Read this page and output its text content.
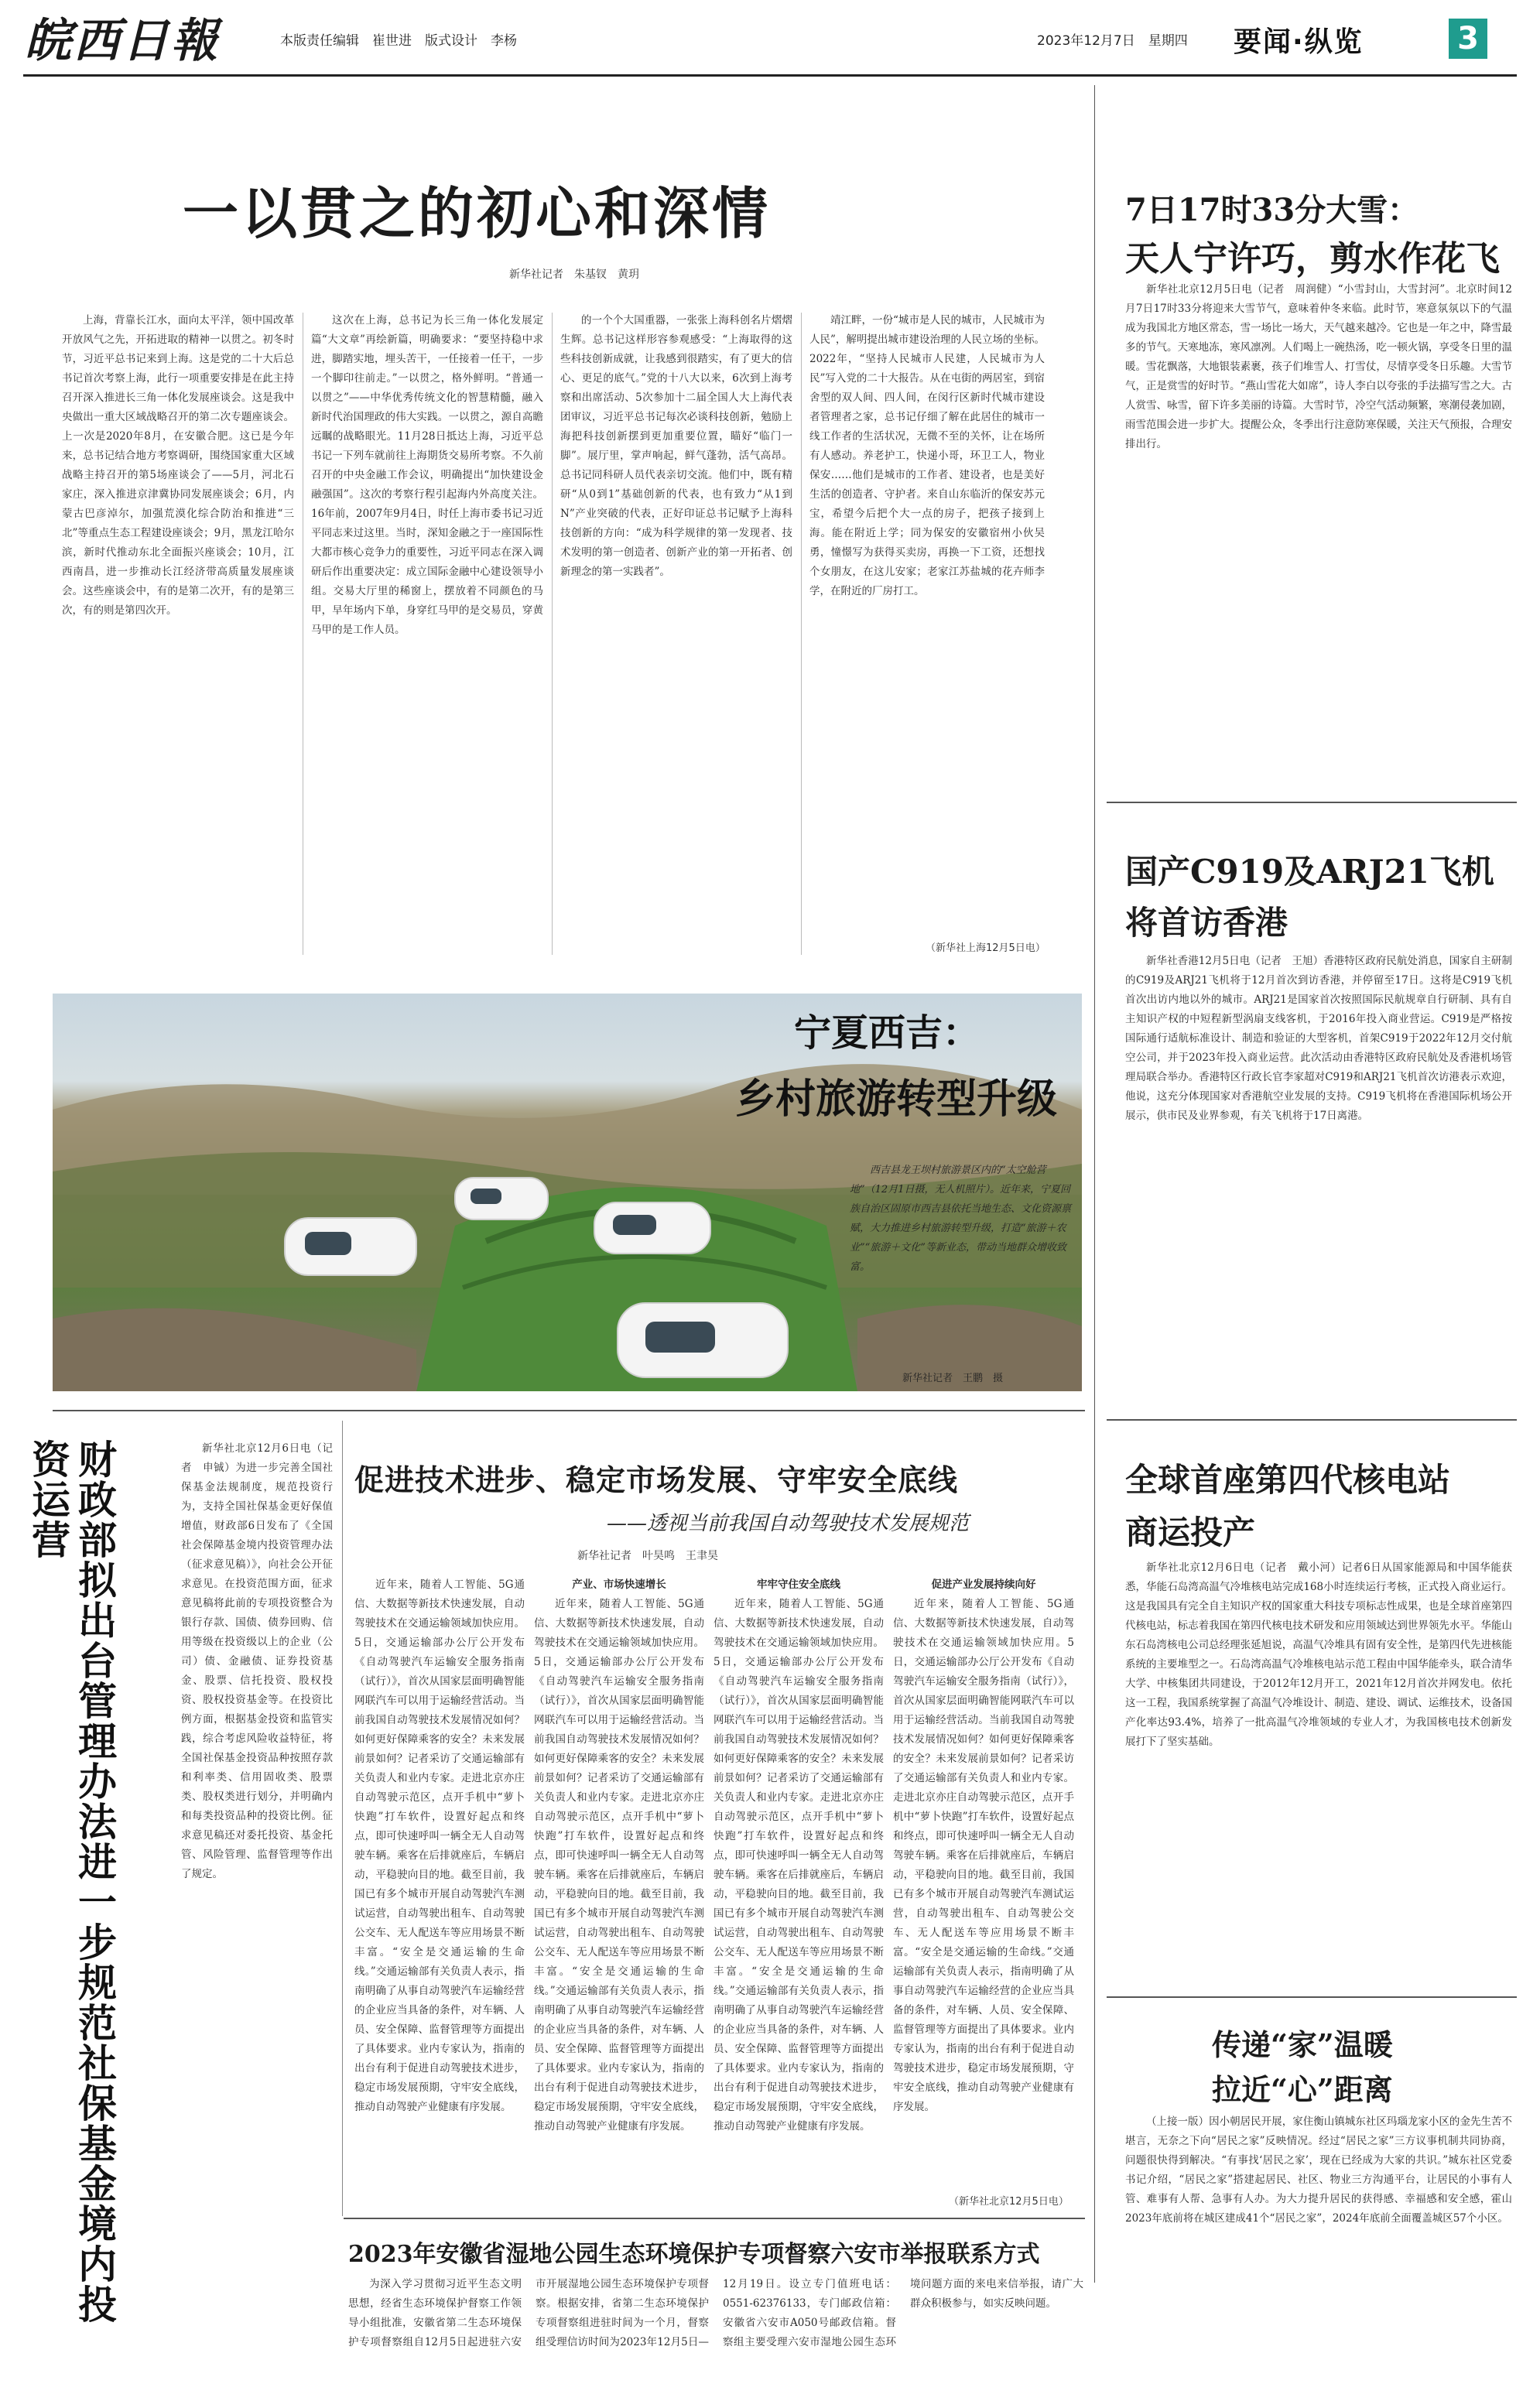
皖西日報	本版责任编辑　崔世进　版式设计　李杨	2023年12月7日　星期四 要闻·纵览	3
一以贯之的初心和深情
新华社记者　朱基钗　黄玥

上海，背靠长江水，面向太平洋，领中国改革开放风气之先，开拓进取的精神一以贯之。初冬时节，习近平总书记来到上海。这是党的二十大后总书记首次考察上海，此行一项重要安排是在此主持召开深入推进长三角一体化发展座谈会。这是我中央做出一重大区域战略召开的第二次专题座谈会。上一次是2020年8月，在安徽合肥。这已是今年来，总书记结合地方考察调研，围绕国家重大区域战略主持召开的第5场座谈会了——5月，河北石家庄，深入推进京津冀协同发展座谈会；6月，内蒙古巴彦淖尔，加强荒漠化综合防治和推进“三北”等重点生态工程建设座谈会；9月，黑龙江哈尔滨，新时代推动东北全面振兴座谈会；10月，江西南昌，进一步推动长江经济带高质量发展座谈会。这些座谈会中，有的是第二次开，有的是第三次，有的则是第四次开。

这次在上海，总书记为长三角一体化发展定篇“大文章”再绘新篇，明确要求：“要坚持稳中求进，脚踏实地，埋头苦干，一任接着一任干，一步一个脚印往前走。”一以贯之，格外鲜明。“普通一以贯之”——中华优秀传统文化的智慧精髓，融入新时代治国理政的伟大实践。一以贯之，源自高瞻远瞩的战略眼光。11月28日抵达上海，习近平总书记一下列车就前往上海期货交易所考察。不久前召开的中央金融工作会议，明确提出“加快建设金融强国”。这次的考察行程引起海内外高度关注。16年前，2007年9月4日，时任上海市委书记习近平同志来过这里。当时，深知金融之于一座国际性大都市核心竞争力的重要性，习近平同志在深入调研后作出重要决定：成立国际金融中心建设领导小组。交易大厅里的稀窗上，摆放着不同颜色的马甲，早年场内下单，身穿红马甲的是交易员，穿黄马甲的是工作人员。

的一个个大国重器，一张张上海科创名片熠熠生辉。总书记这样形容参观感受：“上海取得的这些科技创新成就，让我感到很踏实，有了更大的信心、更足的底气。”党的十八大以来，6次到上海考察和出席活动、5次参加十二届全国人大上海代表团审议，习近平总书记每次必谈科技创新，勉励上海把科技创新摆到更加重要位置，瞄好“临门一脚”。展厅里，掌声响起，鲜气蓬勃，活气高昂。总书记同科研人员代表亲切交流。他们中，既有精研“从0到1”基础创新的代表，也有致力“从1到N”产业突破的代表，正好印证总书记赋予上海科技创新的方向：“成为科学规律的第一发现者、技术发明的第一创造者、创新产业的第一开拓者、创新理念的第一实践者”。

靖江畔，一份“城市是人民的城市，人民城市为人民”，解明提出城市建设治理的人民立场的坐标。2022年，“坚持人民城市人民建，人民城市为人民”写入党的二十大报告。从在屯街的两居室，到宿舍型的双人间、四人间，在闵行区新时代城市建设者管理者之家，总书记仔细了解在此居住的城市一线工作者的生活状况，无微不至的关怀，让在场所有人感动。养老护工，快递小哥，环卫工人，物业保安……他们是城市的工作者、建设者，也是美好生活的创造者、守护者。来自山东临沂的保安苏元宝，希望今后把个大一点的房子，把孩子接到上海。能在附近上学；同为保安的安徽宿州小伙吴勇，憧憬写为获得买卖房，再换一下工资，还想找个女朋友，在这儿安家；老家江苏盐城的花卉师李学，在附近的厂房打工。

（新华社上海12月5日电）
宁夏西吉：
乡村旅游转型升级
西吉县龙王坝村旅游景区内的“太空舱营地”（12月1日摄，无人机照片）。近年来，宁夏回族自治区固原市西吉县依托当地生态、文化资源禀赋，大力推进乡村旅游转型升级，打造“旅游＋农业”“旅游＋文化”等新业态，带动当地群众增收致富。
新华社记者　王鹏　摄
财政部拟出台管理办法进一步规范社保基金境内投资运营	新华社北京12月6日电（记者　申铖）为进一步完善全国社保基金法规制度，规范投资行为，支持全国社保基金更好保值增值，财政部6日发布了《全国社会保障基金境内投资管理办法（征求意见稿）》，向社会公开征求意见。在投资范围方面，征求意见稿将此前的专项投资整合为银行存款、国债、债券回购、信用等级在投资级以上的企业（公司）债、金融债、证券投资基金、股票、信托投资、股权投资、股权投资基金等。在投资比例方面，根据基金投资和监管实践，综合考虑风险收益特征，将全国社保基金投资品种按照存款和利率类、信用固收类、股票类、股权类进行划分，并明确内和每类投资品种的投资比例。征求意见稿还对委托投资、基金托管、风险管理、监督管理等作出了规定。

促进技术进步、稳定市场发展、守牢安全底线
——透视当前我国自动驾驶技术发展规范
新华社记者　叶昊鸣　王聿昊

近年来，随着人工智能、5G通信、大数据等新技术快速发展，自动驾驶技术在交通运输领域加快应用。5日，交通运输部办公厅公开发布《自动驾驶汽车运输安全服务指南（试行）》，首次从国家层面明确智能网联汽车可以用于运输经营活动。当前我国自动驾驶技术发展情况如何？如何更好保障乘客的安全？未来发展前景如何？记者采访了交通运输部有关负责人和业内专家。走进北京亦庄自动驾驶示范区，点开手机中“萝卜快跑”打车软件，设置好起点和终点，即可快速呼叫一辆全无人自动驾驶车辆。乘客在后排就座后，车辆启动，平稳驶向目的地。截至目前，我国已有多个城市开展自动驾驶汽车测试运营，自动驾驶出租车、自动驾驶公交车、无人配送车等应用场景不断丰富。“安全是交通运输的生命线。”交通运输部有关负责人表示，指南明确了从事自动驾驶汽车运输经营的企业应当具备的条件，对车辆、人员、安全保障、监督管理等方面提出了具体要求。业内专家认为，指南的出台有利于促进自动驾驶技术进步，稳定市场发展预期，守牢安全底线，推动自动驾驶产业健康有序发展。

产业、市场快速增长

近年来，随着人工智能、5G通信、大数据等新技术快速发展，自动驾驶技术在交通运输领域加快应用。5日，交通运输部办公厅公开发布《自动驾驶汽车运输安全服务指南（试行）》，首次从国家层面明确智能网联汽车可以用于运输经营活动。当前我国自动驾驶技术发展情况如何？如何更好保障乘客的安全？未来发展前景如何？记者采访了交通运输部有关负责人和业内专家。走进北京亦庄自动驾驶示范区，点开手机中“萝卜快跑”打车软件，设置好起点和终点，即可快速呼叫一辆全无人自动驾驶车辆。乘客在后排就座后，车辆启动，平稳驶向目的地。截至目前，我国已有多个城市开展自动驾驶汽车测试运营，自动驾驶出租车、自动驾驶公交车、无人配送车等应用场景不断丰富。“安全是交通运输的生命线。”交通运输部有关负责人表示，指南明确了从事自动驾驶汽车运输经营的企业应当具备的条件，对车辆、人员、安全保障、监督管理等方面提出了具体要求。业内专家认为，指南的出台有利于促进自动驾驶技术进步，稳定市场发展预期，守牢安全底线，推动自动驾驶产业健康有序发展。

牢牢守住安全底线

近年来，随着人工智能、5G通信、大数据等新技术快速发展，自动驾驶技术在交通运输领域加快应用。5日，交通运输部办公厅公开发布《自动驾驶汽车运输安全服务指南（试行）》，首次从国家层面明确智能网联汽车可以用于运输经营活动。当前我国自动驾驶技术发展情况如何？如何更好保障乘客的安全？未来发展前景如何？记者采访了交通运输部有关负责人和业内专家。走进北京亦庄自动驾驶示范区，点开手机中“萝卜快跑”打车软件，设置好起点和终点，即可快速呼叫一辆全无人自动驾驶车辆。乘客在后排就座后，车辆启动，平稳驶向目的地。截至目前，我国已有多个城市开展自动驾驶汽车测试运营，自动驾驶出租车、自动驾驶公交车、无人配送车等应用场景不断丰富。“安全是交通运输的生命线。”交通运输部有关负责人表示，指南明确了从事自动驾驶汽车运输经营的企业应当具备的条件，对车辆、人员、安全保障、监督管理等方面提出了具体要求。业内专家认为，指南的出台有利于促进自动驾驶技术进步，稳定市场发展预期，守牢安全底线，推动自动驾驶产业健康有序发展。

促进产业发展持续向好

近年来，随着人工智能、5G通信、大数据等新技术快速发展，自动驾驶技术在交通运输领域加快应用。5日，交通运输部办公厅公开发布《自动驾驶汽车运输安全服务指南（试行）》，首次从国家层面明确智能网联汽车可以用于运输经营活动。当前我国自动驾驶技术发展情况如何？如何更好保障乘客的安全？未来发展前景如何？记者采访了交通运输部有关负责人和业内专家。走进北京亦庄自动驾驶示范区，点开手机中“萝卜快跑”打车软件，设置好起点和终点，即可快速呼叫一辆全无人自动驾驶车辆。乘客在后排就座后，车辆启动，平稳驶向目的地。截至目前，我国已有多个城市开展自动驾驶汽车测试运营，自动驾驶出租车、自动驾驶公交车、无人配送车等应用场景不断丰富。“安全是交通运输的生命线。”交通运输部有关负责人表示，指南明确了从事自动驾驶汽车运输经营的企业应当具备的条件，对车辆、人员、安全保障、监督管理等方面提出了具体要求。业内专家认为，指南的出台有利于促进自动驾驶技术进步，稳定市场发展预期，守牢安全底线，推动自动驾驶产业健康有序发展。

（新华社北京12月5日电）
2023年安徽省湿地公园生态环境保护专项督察六安市举报联系方式

为深入学习贯彻习近平生态文明思想，经省生态环境保护督察工作领导小组批准，安徽省第二生态环境保护专项督察组自12月5日起进驻六安市开展湿地公园生态环境保护专项督察。根据安排，省第二生态环境保护专项督察组进驻时间为一个月，督察组受理信访时间为2023年12月5日—12月19日。设立专门值班电话：0551-62376133，专门邮政信箱：安徽省六安市A050号邮政信箱。督察组主要受理六安市湿地公园生态环境问题方面的来电来信举报，请广大群众积极参与，如实反映问题。

7日17时33分大雪：
天人宁许巧，剪水作花飞

新华社北京12月5日电（记者　周润健）“小雪封山，大雪封河”。北京时间12月7日17时33分将迎来大雪节气，意味着仲冬来临。此时节，寒意氛氛以下的气温成为我国北方地区常态，雪一场比一场大，天气越来越冷。它也是一年之中，降雪最多的节气。天寒地冻，寒风凛冽。人们喝上一碗热汤，吃一顿火锅，享受冬日里的温暖。雪花飘落，大地银装素裹，孩子们堆雪人、打雪仗，尽情享受冬日乐趣。大雪节气，正是赏雪的好时节。“燕山雪花大如席”，诗人李白以夸张的手法描写雪之大。古人赏雪、咏雪，留下许多美丽的诗篇。大雪时节，冷空气活动频繁，寒潮侵袭加剧，雨雪范围会进一步扩大。提醒公众，冬季出行注意防寒保暖，关注天气预报，合理安排出行。

国产C919及ARJ21飞机
将首访香港

新华社香港12月5日电（记者　王旭）香港特区政府民航处消息，国家自主研制的C919及ARJ21飞机将于12月首次到访香港，并停留至17日。这将是C919飞机首次出访内地以外的城市。ARJ21是国家首次按照国际民航规章自行研制、具有自主知识产权的中短程新型涡扇支线客机，于2016年投入商业营运。C919是严格按国际通行适航标准设计、制造和验证的大型客机，首架C919于2022年12月交付航空公司，并于2023年投入商业运营。此次活动由香港特区政府民航处及香港机场管理局联合举办。香港特区行政长官李家超对C919和ARJ21飞机首次访港表示欢迎，他说，这充分体现国家对香港航空业发展的支持。C919飞机将在香港国际机场公开展示，供市民及业界参观，有关飞机将于17日离港。

全球首座第四代核电站
商运投产

新华社北京12月6日电（记者　戴小河）记者6日从国家能源局和中国华能获悉，华能石岛湾高温气冷堆核电站完成168小时连续运行考核，正式投入商业运行。这是我国具有完全自主知识产权的国家重大科技专项标志性成果，也是全球首座第四代核电站，标志着我国在第四代核电技术研发和应用领域达到世界领先水平。华能山东石岛湾核电公司总经理张延旭说，高温气冷堆具有固有安全性，是第四代先进核能系统的主要堆型之一。石岛湾高温气冷堆核电站示范工程由中国华能牵头，联合清华大学、中核集团共同建设，于2012年12月开工，2021年12月首次并网发电。依托这一工程，我国系统掌握了高温气冷堆设计、制造、建设、调试、运维技术，设备国产化率达93.4%，培养了一批高温气冷堆领域的专业人才，为我国核电技术创新发展打下了坚实基础。

传递“家”温暖
拉近“心”距离

（上接一版）因小朝居民开展，家住衡山镇城东社区玛瑙龙家小区的金先生苦不堪言，无奈之下向“居民之家”反映情况。经过“居民之家”三方议事机制共同协商，问题很快得到解决。“有事找‘居民之家’，现在已经成为大家的共识。”城东社区党委书记介绍，“居民之家”搭建起居民、社区、物业三方沟通平台，让居民的小事有人管、难事有人帮、急事有人办。为大力提升居民的获得感、幸福感和安全感，霍山2023年底前将在城区建成41个“居民之家”，2024年底前全面覆盖城区57个小区。
